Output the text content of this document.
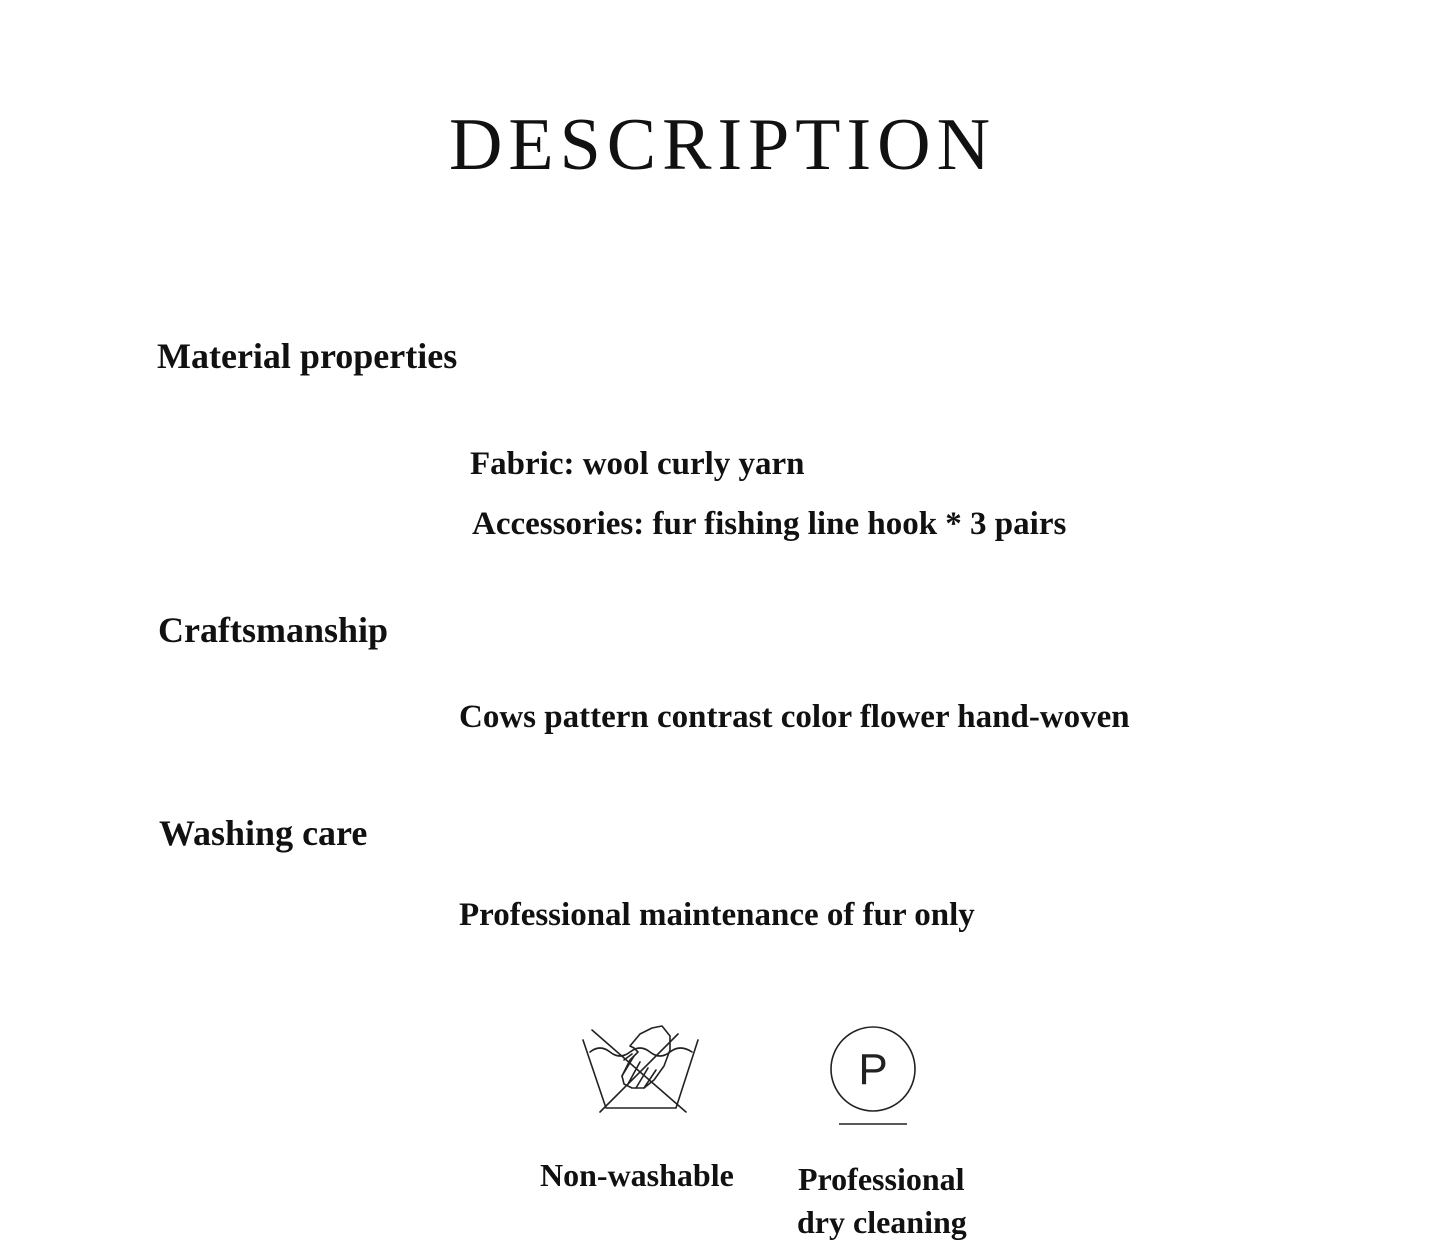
DESCRIPTION
Material properties
Fabric: wool curly yarn
Accessories: fur fishing line hook * 3 pairs
Craftsmanship
Cows pattern contrast color flower hand-woven
Washing care
Professional maintenance of fur only
P
Non-washable Professional
dry cleaning
